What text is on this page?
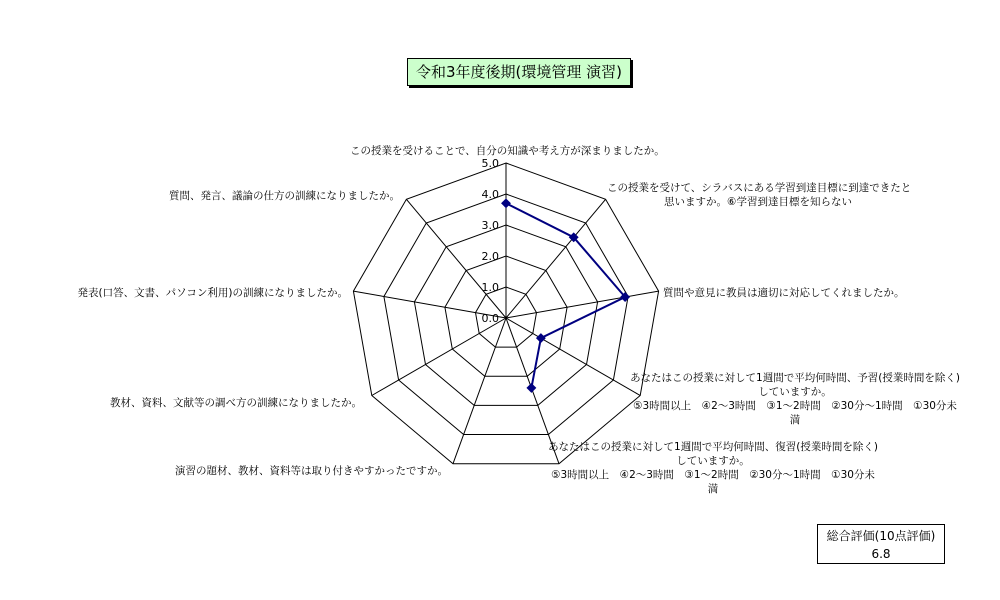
令和3年度後期(環境管理 演習)
0.0
1.0
2.0
3.0
4.0
5.0
この授業を受けることで、自分の知識や考え方が深まりましたか。
この授業を受けて、シラバスにある学習到達目標に到達できたと
思いますか。⑥学習到達目標を知らない
質問や意見に教員は適切に対応してくれましたか。
あなたはこの授業に対して1週間で平均何時間、予習(授業時間を除く)
していますか。
⑤3時間以上　④2～3時間　③1～2時間　②30分～1時間　①30分未
満
あなたはこの授業に対して1週間で平均何時間、復習(授業時間を除く)
していますか。
⑤3時間以上　④2～3時間　③1～2時間　②30分～1時間　①30分未
満
演習の題材、教材、資料等は取り付きやすかったですか。
教材、資料、文献等の調べ方の訓練になりましたか。
発表(口答、文書、パソコン利用)の訓練になりましたか。
質問、発言、議論の仕方の訓練になりましたか。
総合評価(10点評価)
6.8
